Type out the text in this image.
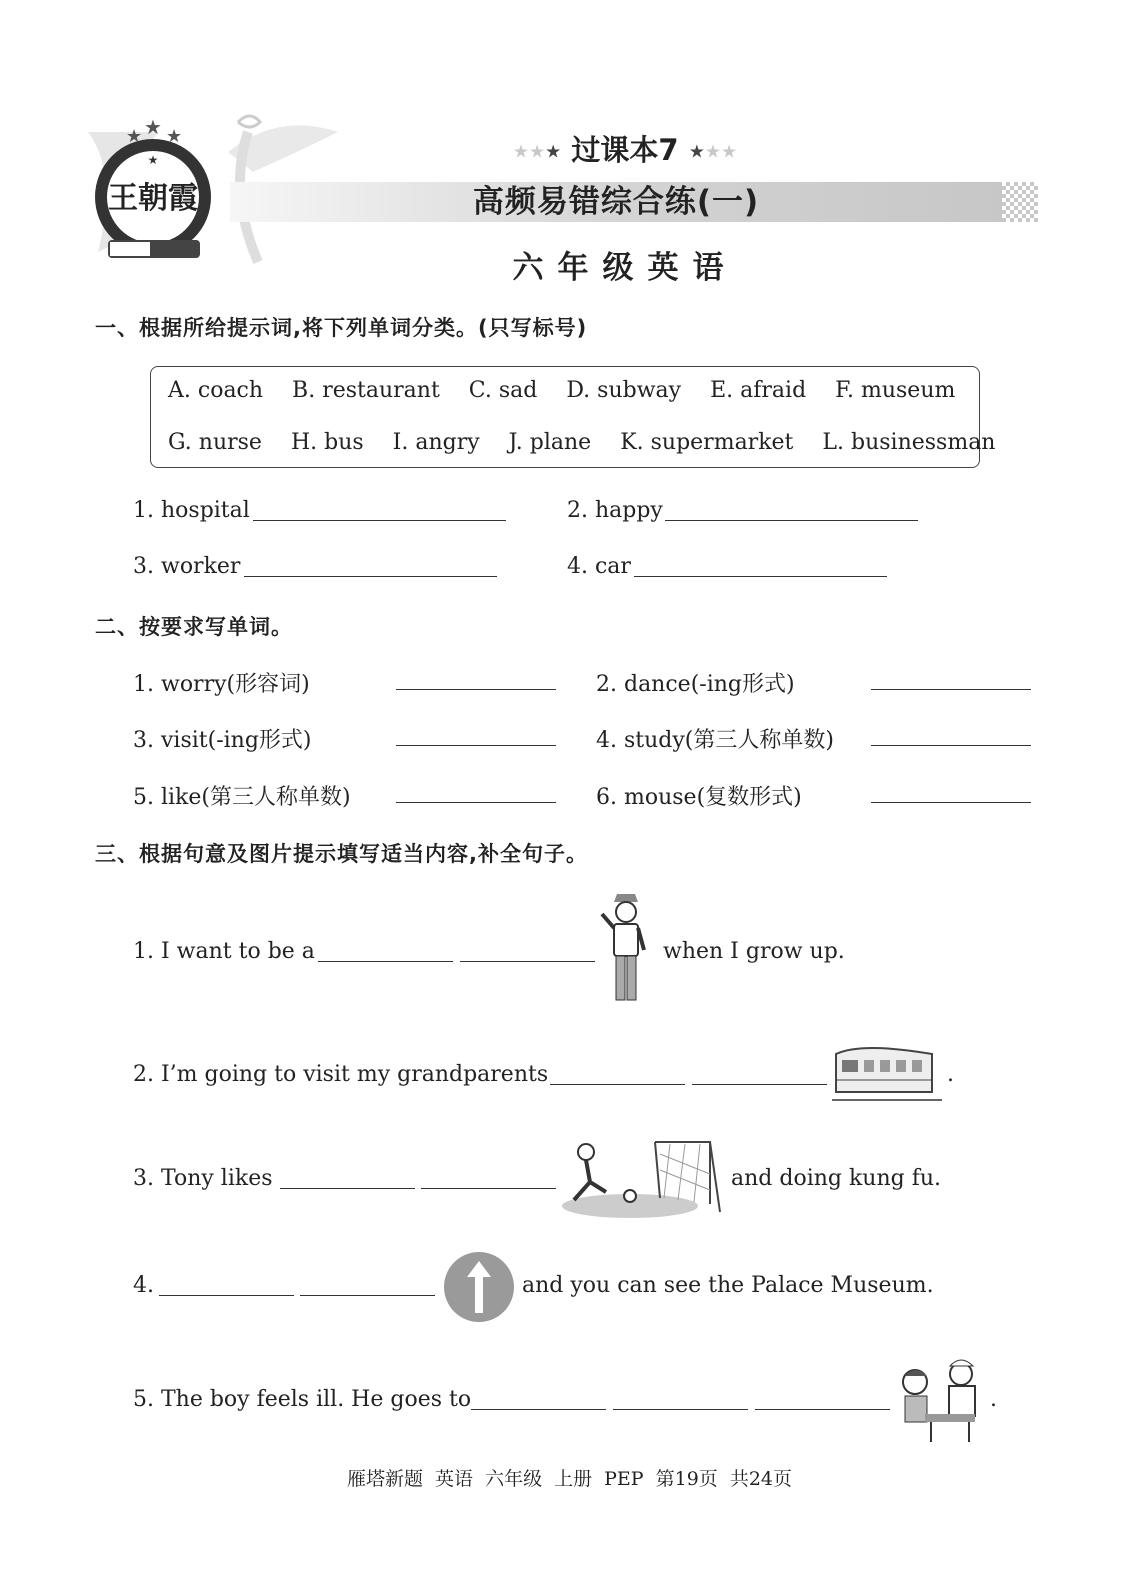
★
★ ★ ★
王朝霞
★★★ 过课本7 ★★★
高频易错综合练(一)
六年级英语
一、根据所给提示词,将下列单词分类。(只写标号)
A. coach B. restaurant C. sad D. subway E. afraid F. museum
G. nurse H. bus I. angry J. plane K. supermarket L. businessman
1. hospital	2. happy
3. worker	4. car
二、按要求写单词。
1. worry(形容词)	2. dance(-ing形式)
3. visit(-ing形式)	4. study(第三人称单数)
5. like(第三人称单数)	6. mouse(复数形式)
三、根据句意及图片提示填写适当内容,补全句子。
1. I want to be a	when I grow up.
2. I’m going to visit my grandparents	.
3. Tony likes	and doing kung fu.
4.	and you can see the Palace Museum.
5. The boy feels ill. He goes to	.
雁塔新题 英语 六年级 上册 PEP 第19页 共24页
